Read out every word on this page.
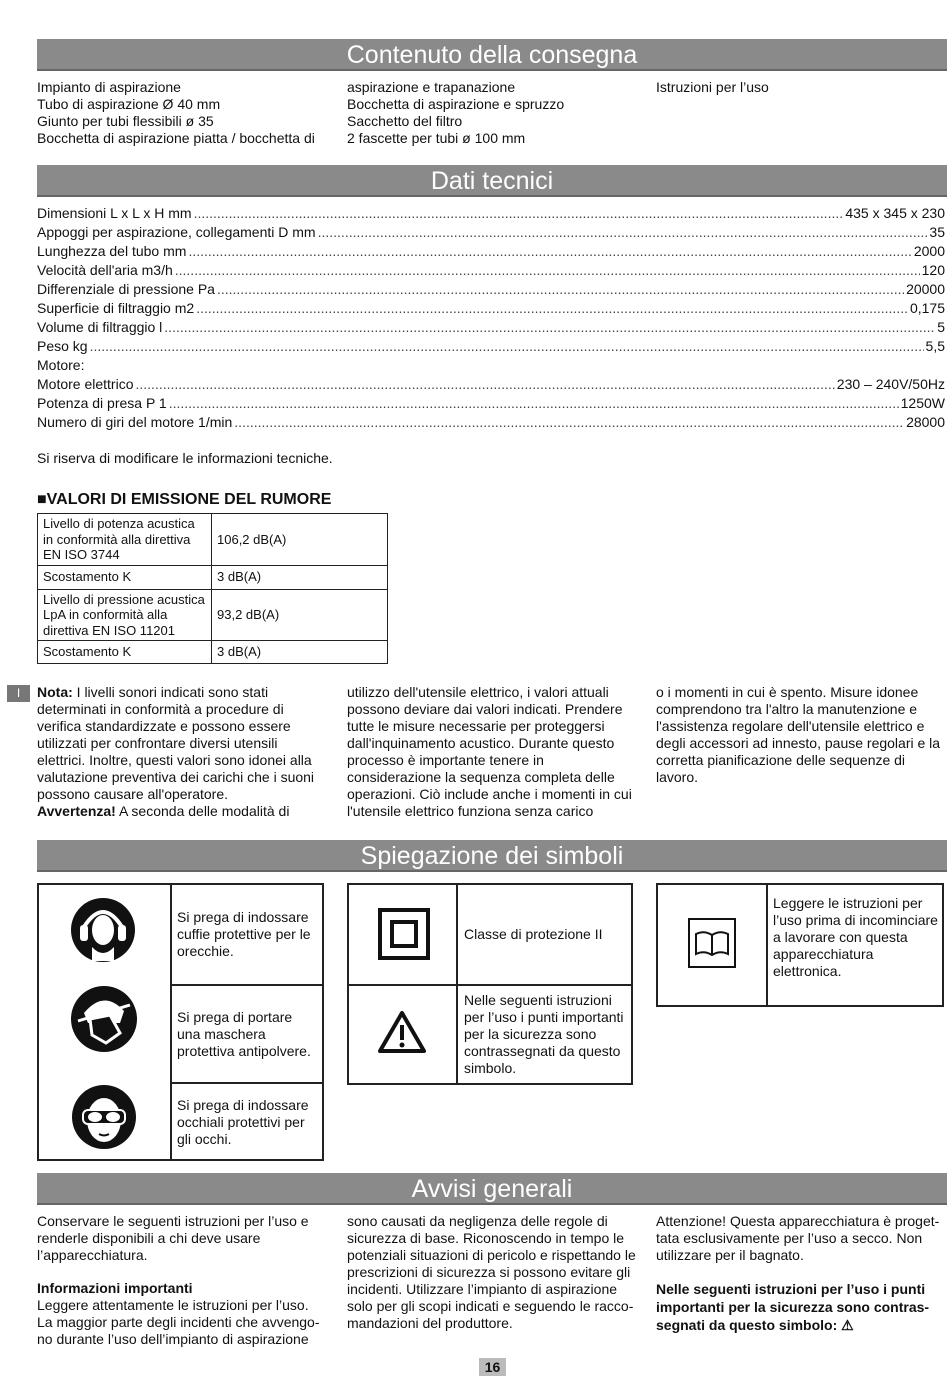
Contenuto della consegna
Impianto di aspirazione
Tubo di aspirazione Ø 40 mm
Giunto per tubi flessibili ø 35
Bocchetta di aspirazione piatta / bocchetta di
aspirazione e trapanazione
Bocchetta di aspirazione e spruzzo
Sacchetto del filtro
2 fascette per tubi ø 100 mm
Istruzioni per l’uso
Dati tecnici
Dimensioni L x L x H mm .....	435 x 345 x 230
Appoggi per aspirazione, collegamenti D mm .....	35
Lunghezza del tubo mm .....	2000
Velocità dell'aria m3/h .....	120
Differenziale di pressione Pa .....	20000
Superficie di filtraggio m2 .....	0,175
Volume di filtraggio l .....	5
Peso kg .....	5,5
Motore:
Motore elettrico .....	230 – 240V/50Hz
Potenza di presa P 1 .....	1250W
Numero di giri del motore 1/min .....	28000
Si riserva di modificare le informazioni tecniche.
■VALORI DI EMISSIONE DEL RUMORE
Livello di potenza acustica in conformità alla direttiva EN ISO 3744	106,2 dB(A)
Scostamento K	3 dB(A)
Livello di pressione acustica LpA in conformità alla direttiva EN ISO 11201	93,2 dB(A)
Scostamento K	3 dB(A)
I	Nota: I livelli sonori indicati sono stati determinati in conformità a procedure di verifica standardizzate e possono essere utilizzati per confrontare diversi utensili elettrici. Inoltre, questi valori sono idonei alla valutazione preventiva dei carichi che i suoni possono causare all'operatore.
Avvertenza! A seconda delle modalità di
utilizzo dell'utensile elettrico, i valori attuali possono deviare dai valori indicati. Prendere tutte le misure necessarie per proteggersi dall'inquinamento acustico. Durante questo processo è importante tenere in considerazione la sequenza completa delle operazioni. Ciò include anche i momenti in cui l'utensile elettrico funziona senza carico
o i momenti in cui è spento. Misure idonee comprendono tra l'altro la manutenzione e l'assistenza regolare dell'utensile elettrico e degli accessori ad innesto, pause regolari e la corretta pianificazione delle sequenze di lavoro.
Spiegazione dei simboli
Si prega di indossare cuffie protettive per le orecchie.
Si prega di portare una maschera protettiva antipolvere.
Si prega di indossare occhiali protettivi per gli occhi.
Classe di protezione II
Nelle seguenti istruzioni per l’uso i punti importanti per la sicurezza sono contrassegnati da questo simbolo.
Leggere le istruzioni per l’uso prima di incominciare a lavorare con questa apparecchiatura elettronica.
Avvisi generali
Conservare le seguenti istruzioni per l’uso e renderle disponibili a chi deve usare l’apparecchiatura.
Informazioni importanti
Leggere attentamente le istruzioni per l’uso. La maggior parte degli incidenti che avvengo-no durante l’uso dell’impianto di aspirazione
sono causati da negligenza delle regole di sicurezza di base. Riconoscendo in tempo le potenziali situazioni di pericolo e rispettando le prescrizioni di sicurezza si possono evitare gli incidenti. Utilizzare l’impianto di aspirazione solo per gli scopi indicati e seguendo le racco-mandazioni del produttore.
Attenzione! Questa apparecchiatura è proget-tata esclusivamente per l’uso a secco. Non utilizzare per il bagnato.
Nelle seguenti istruzioni per l’uso i punti importanti per la sicurezza sono contras-segnati da questo simbolo: ⚠
16
